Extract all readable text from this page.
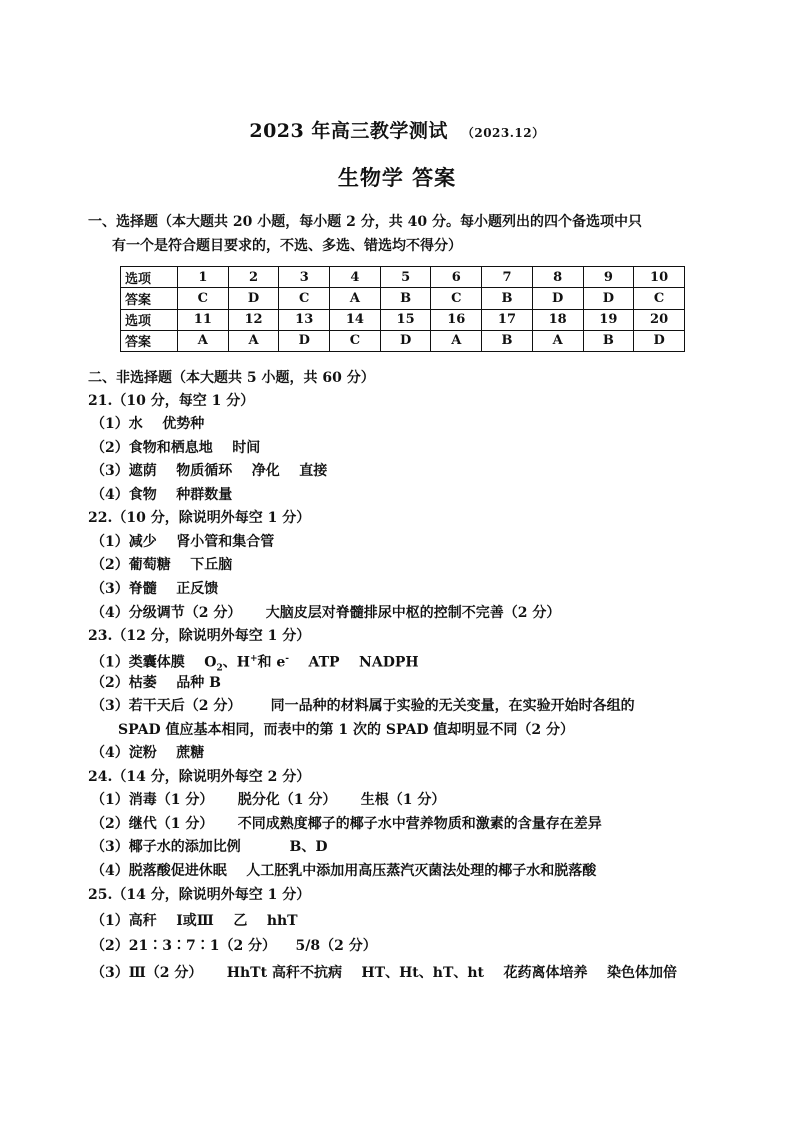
2023 年高三教学测试 （2023.12）
生物学 答案
一、选择题（本大题共 20 小题，每小题 2 分，共 40 分。每小题列出的四个备选项中只
有一个是符合题目要求的，不选、多选、错选均不得分）
选项	1	2	3	4	5	6	7	8	9	10
答案	C	D	C	A	B	C	B	D	D	C
选项	11	12	13	14	15	16	17	18	19	20
答案	A	A	D	C	D	A	B	A	B	D
二、非选择题（本大题共 5 小题，共 60 分）
21.（10 分，每空 1 分）
（1）水    优势种
（2）食物和栖息地    时间
（3）遮荫    物质循环    净化    直接
（4）食物    种群数量
22.（10 分，除说明外每空 1 分）
（1）减少    肾小管和集合管
（2）葡萄糖    下丘脑
（3）脊髓    正反馈
（4）分级调节（2 分）     大脑皮层对脊髓排尿中枢的控制不完善（2 分）
23.（12 分，除说明外每空 1 分）
（1）类囊体膜    $O_2$、H+和 e-    ATP    NADPH
（2）枯萎    品种 B
（3）若干天后（2 分）      同一品种的材料属于实验的无关变量，在实验开始时各组的
SPAD 值应基本相同，而表中的第 1 次的 SPAD 值却明显不同（2 分）
（4）淀粉    蔗糖
24.（14 分，除说明外每空 2 分）
（1）消毒（1 分）     脱分化（1 分）     生根（1 分）
（2）继代（1 分）     不同成熟度椰子的椰子水中营养物质和激素的含量存在差异
（3）椰子水的添加比例          B、D
（4）脱落酸促进休眠    人工胚乳中添加用高压蒸汽灭菌法处理的椰子水和脱落酸
25.（14 分，除说明外每空 1 分）
（1）高秆    Ⅰ或Ⅲ    乙    hhT
（2）21∶3∶7∶1（2 分）    5/8（2 分）
（3）Ⅲ（2 分）     HhTt 高秆不抗病    HT、Ht、hT、ht    花药离体培养    染色体加倍
